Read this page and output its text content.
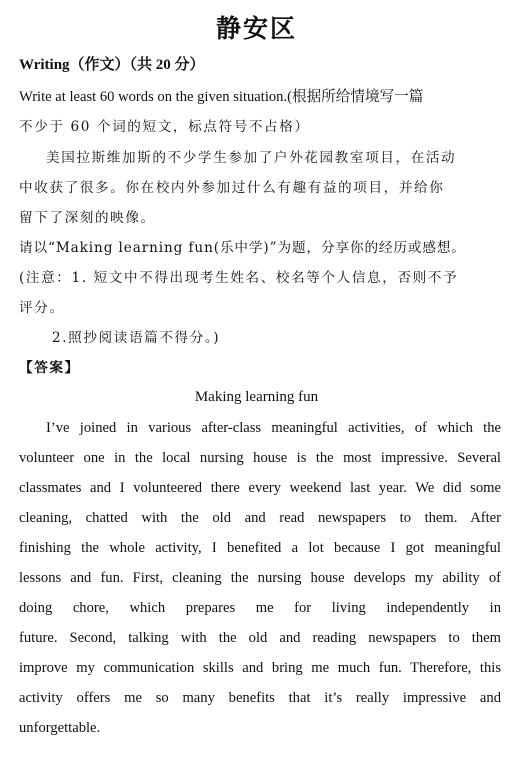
静安区
Writing（作文）（共 20 分）
Write at least 60 words on the given situation.(根据所给情境写一篇
不少于 60 个词的短文，标点符号不占格）
美国拉斯维加斯的不少学生参加了户外花园教室项目，在活动
中收获了很多。你在校内外参加过什么有趣有益的项目，并给你
留下了深刻的映像。
请以“Making learning fun(乐中学)”为题，分享你的经历或感想。
(注意：1. 短文中不得出现考生姓名、校名等个人信息，否则不予
评分。
2.照抄阅读语篇不得分。)
【答案】
Making learning fun
I’ve joined in various after-class meaningful activities, of which the
volunteer one in the local nursing house is the most impressive. Several
classmates and I volunteered there every weekend last year. We did some
cleaning, chatted with the old and read newspapers to them. After
finishing the whole activity, I benefited a lot because I got meaningful
lessons and fun. First, cleaning the nursing house develops my ability of
doing chore, which prepares me for living independently in
future. Second, talking with the old and reading newspapers to them
improve my communication skills and bring me much fun. Therefore, this
activity offers me so many benefits that it’s really impressive and
unforgettable.
